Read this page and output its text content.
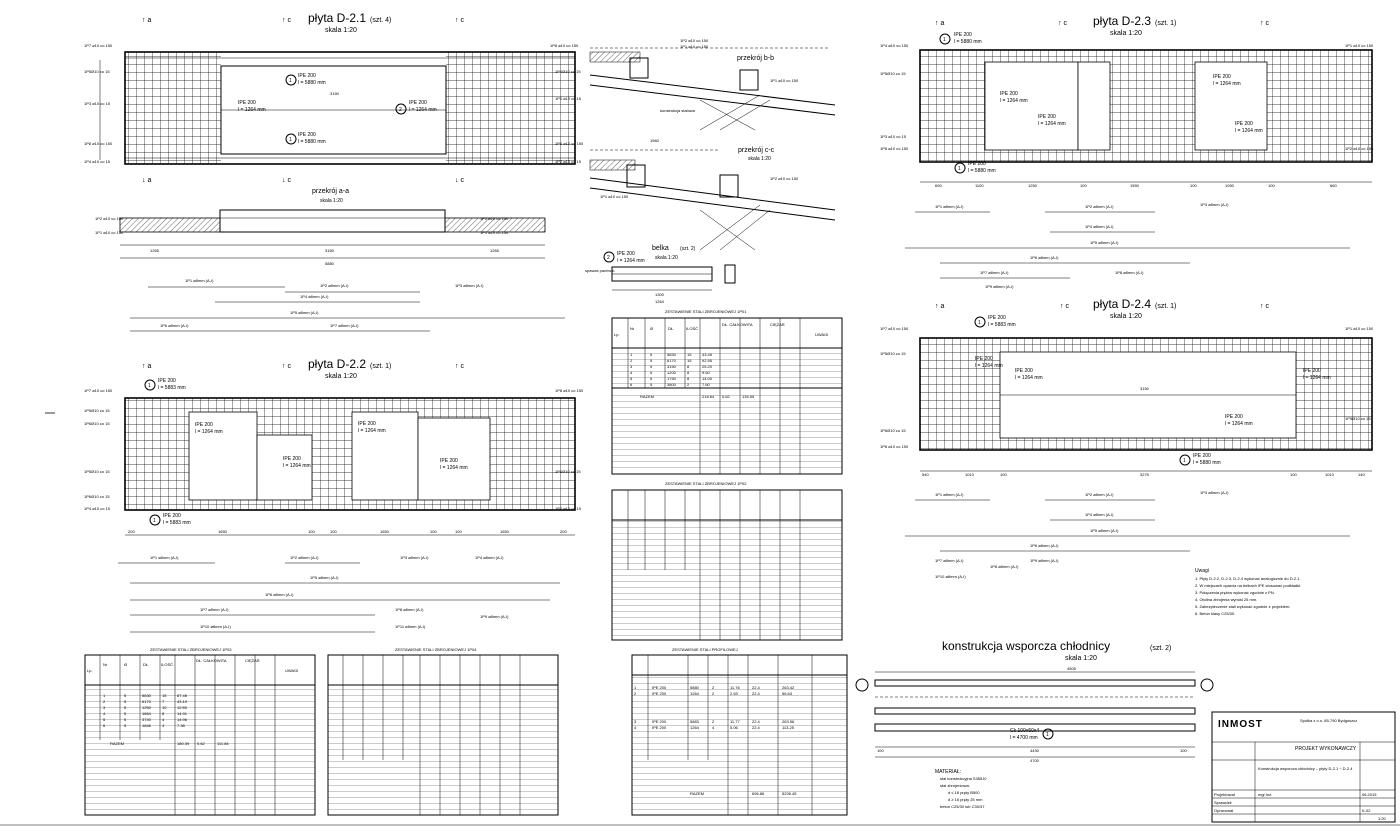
płyta D-2.1 (szt. 4)
skala 1:20
↑ a	↑ c	↑ c
1
IPE 200
l = 5880 mm
IPE 200
l = 1264 mm	2
IPE 200
l = 1264 mm
1
IPE 200
l = 5880 mm
3150
1P7 ø10 co 150
1P5Ø10 co 15
1P3 ø10 co 15
1P8 ø10 co 150
1P4 ø10 co 15
1P8 ø10 co 150
1P4Ø10 co 15
1P1 ø10 co 15
1P6 ø10 co 150
1P2 ø10 co 15
↓ a	↓ c	↓ c
przekrój a-a
skala 1:20
1265	3150	1265
5880
1P2 ø10 co 150
1P1 ø10 co 150
1P2 ø10 co 150
1P1 ø10 co 150
1P1 ø8mm (A-I)
1P2 ø8mm (A-I)	1P3 ø8mm (A-I)
1P4 ø8mm (A-I)
1P5 ø8mm (A-I)
1P6 ø8mm (A-I)	1P7 ø8mm (A-I)
przekrój b-b
1P2 ø10 co 150
1P1 ø10 co 150
konstrukcja stalowa
1P1 ø10 co 150
przekrój c-c
skala 1:20
1560
1P1 ø10 co 150
1P2 ø10 co 150
2
IPE 200
l = 1264 mm
belka (szt. 2)
skala 1:20
1300
1264
spawać pachwin.
płyta D-2.2 (szt. 1)
skala 1:20
↑ a	↑ c	↑ c
1
IPE 200
l = 5883 mm
IPE 200
l = 1264 mm
IPE 200
l = 1264 mm
IPE 200
l = 1264 mm
IPE 200
l = 1264 mm
1
IPE 200
l = 5883 mm
200	1650	100	100	1650	100	100	1650	200
1P7 ø10 co 150
1P5Ø10 co 15
1P6Ø10 co 15
1P5Ø10 co 15
1P6Ø10 co 15
1P4 ø10 co 15
1P8 ø10 co 150
1P6Ø10 co 15
1P2 ø10 co 15
1P1 ø8mm (A-I)	1P2 ø8mm (A-I)	1P3 ø8mm (A-I)	1P4 ø8mm (A-I)
1P5 ø8mm (A-I)
1P6 ø8mm (A-I)
1P7 ø8mm (A-I)	1P8 ø8mm (A-I)
1P9 ø8mm (A-I)
1P10 ø8mm (A-I)	1P11 ø8mm (A-I)
płyta D-2.3 (szt. 1)
skala 1:20
↑ a	↑ c	↑ c
1
IPE 200
l = 5880 mm
IPE 200
l = 1264 mm
IPE 200
l = 1264 mm
IPE 200
l = 1264 mm
IPE 200
l = 1264 mm
1
IPE 200
l = 5880 mm
690	1100	1250	100	1550	100	1050	100	660
1P4 ø10 co 150
1P5Ø10 co 15
1P3 ø10 co 15
1P8 ø10 co 150
1P1 ø10 co 150
1P2 ø10 co 150
1P1 ø8mm (A-I)	1P2 ø8mm (A-I)	1P3 ø8mm (A-I)
1P4 ø8mm (A-I)
1P5 ø8mm (A-I)
1P6 ø8mm (A-I)
1P7 ø8mm (A-I)	1P8 ø8mm (A-I)
1P9 ø8mm (A-I)
płyta D-2.4 (szt. 1)
skala 1:20
↑ a	↑ c	↑ c
1
IPE 200
l = 5883 mm
3150
IPE 200
l = 1264 mm
IPE 200
l = 1264 mm
IPE 200
l = 1264 mm
IPE 200
l = 1264 mm
1
IPE 200
l = 5880 mm
540	1013	100	3275	100	1013	140
1P7 ø10 co 150
1P5Ø10 co 15
1P6Ø10 co 15
1P8 ø10 co 150
1P1 ø10 co 150
1P5Ø10 co 15
1P1 ø8mm (A-I)	1P2 ø8mm (A-I)	1P3 ø8mm (A-I)
1P4 ø8mm (A-I)
1P5 ø8mm (A-I)
1P6 ø8mm (A-I)
1P7 ø8mm (A-I)
1P8 ø8mm (A-I)
1P9 ø8mm (A-I)
1P10 ø8mm (A-I)
Uwagi
1. Płyty D-2.2, D-2.3, D-2.4 wykonać analogicznie do D-2.1.
2. W miejscach oparcia na belkach IPE stosować podkładki.
3. Połączenia prętów wykonać zgodnie z PN.
4. Otulina zbrojenia wynosi 25 mm.
5. Zabezpieczenie stali wykonać zgodnie z projektem.
6. Beton klasy C25/30.
konstrukcja wsporcza chłodnicy	(szt. 2)
skala 1:20
4505
1
Ck 100x50x4
l = 4700 mm
100	100
4430
4700
MATERIAŁ:
stal konstrukcyjna S355J0
stal zbrojeniowa:
d ≤ 16 pręty B500
d ≥ 16 pręty 25 mm
beton C25/30 lub C30/37
ZESTAWIENIE STALI ZBROJENIOWEJ 1P01
Lp.
Nr	Ø	DŁ.	ILOŚĆ
DŁ. CAŁKOWITA	CIĘŻAR
UWAGI
1	5	5830	15	43.45
2	5	6170	15	92.55
3	5	3150	8	25.20
4	5	1200	8	9.60
5	5	1750	8	14.00
6	5	3800	2	7.60
RAZEM	218.64 0.62	135.55
ZESTAWIENIE STALI ZBROJENIOWEJ 1P02
ZESTAWIENIE STALI ZBROJENIOWEJ 1P03
Lp.
Nr	Ø	DŁ.	ILOŚĆ
DŁ. CAŁKOWITA	CIĘŻAR
UWAGI
1	5	5830	15	87.45
2	5	6170	7	43.19
3	5	1250	10	12.50
4	5	1864	8	14.91
5	5	3740	4	14.96
6	5	1846	4	7.38
RAZEM	180.39 0.62	111.84
ZESTAWIENIE STALI ZBROJENIOWEJ 1P04	ZESTAWIENIE STALI PROFILOWEJ
1	IPE 200	5880	2	11.76	22.4	263.42
2	IPE 200	1264	2	2.53	22.4	56.63
3	IPE 200	5883	2	11.77	22.4	263.56
4	IPE 200	1264	4	5.06	22.4	113.25
RAZEM	696.86	5226.45
INMOST	Spółka z o.o. 85-790 Bydgoszcz
PROJEKT WYKONAWCZY
Konstrukcja wsporcza chłodnicy – płyty D-2.1 ÷ D-2.4
Projektował
Sprawdził
Opracował
mgr inż.	06.2015
K-02
1:20
